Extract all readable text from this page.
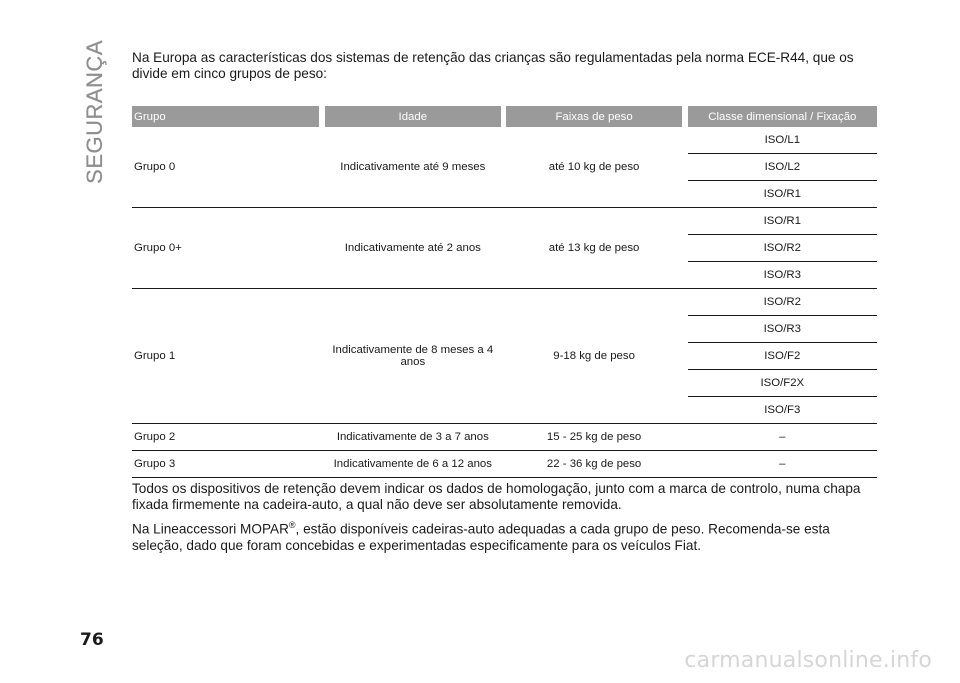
SEGURANÇA Na Europa as características dos sistemas de retenção das crianças são regulamentadas pela norma ECE-R44, que os divide em cinco grupos de peso:
Grupo		Idade		Faixas de peso		Classe dimensional / Fixação
Grupo 0		Indicativamente até 9 meses		até 10 kg de peso		ISO/L1
						ISO/L2
						ISO/R1
Grupo 0+		Indicativamente até 2 anos		até 13 kg de peso		ISO/R1
						ISO/R2
						ISO/R3
Grupo 1		Indicativamente de 8 meses a 4 anos		9-18 kg de peso		ISO/R2
						ISO/R3
						ISO/F2
						ISO/F2X
						ISO/F3
Grupo 2		Indicativamente de 3 a 7 anos		15 - 25 kg de peso		–
Grupo 3		Indicativamente de 6 a 12 anos		22 - 36 kg de peso		–

Todos os dispositivos de retenção devem indicar os dados de homologação, junto com a marca de controlo, numa chapa fixada firmemente na cadeira-auto, a qual não deve ser absolutamente removida.

Na Lineaccessori MOPAR®, estão disponíveis cadeiras-auto adequadas a cada grupo de peso. Recomenda-se esta seleção, dado que foram concebidas e experimentadas especificamente para os veículos Fiat.

76
carmanualsonline.info
